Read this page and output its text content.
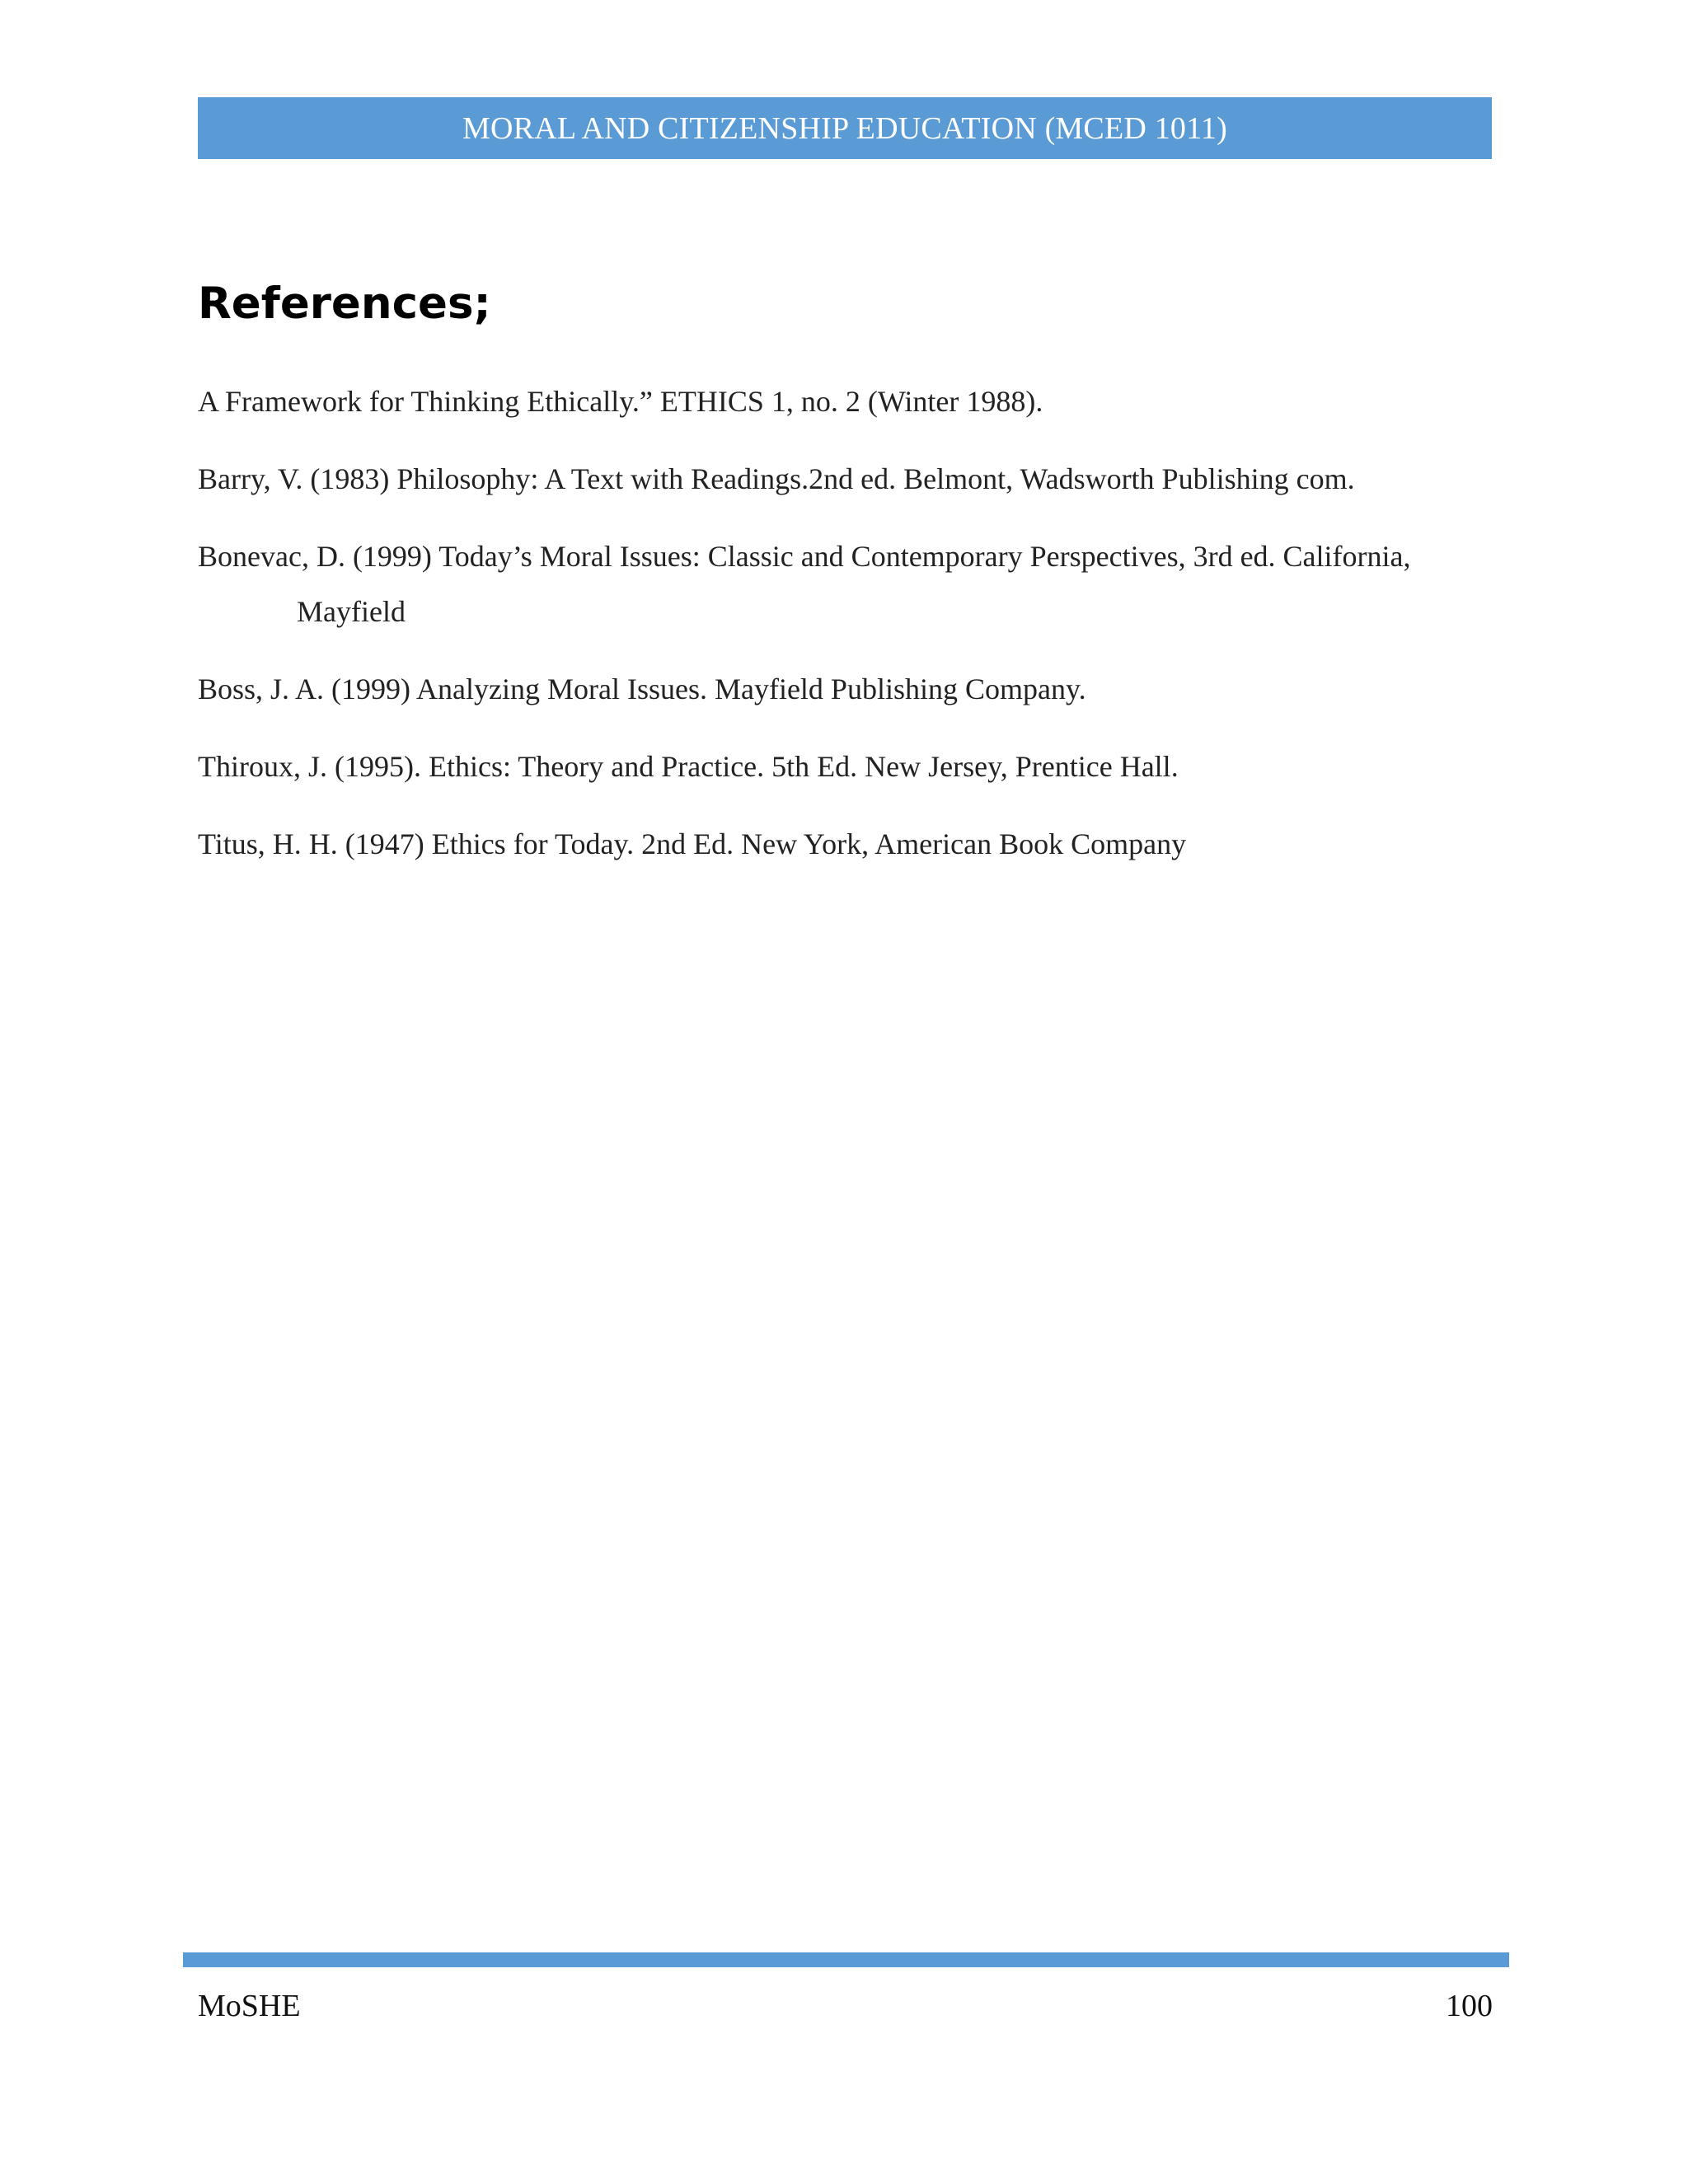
MORAL AND CITIZENSHIP EDUCATION (MCED 1011)
References;
A Framework for Thinking Ethically.” ETHICS 1, no. 2 (Winter 1988).
Barry, V. (1983) Philosophy: A Text with Readings.2nd ed. Belmont, Wadsworth Publishing com.
Bonevac, D. (1999) Today’s Moral Issues: Classic and Contemporary Perspectives, 3rd ed. California, Mayfield
Boss, J. A. (1999) Analyzing Moral Issues. Mayfield Publishing Company.
Thiroux, J. (1995). Ethics: Theory and Practice. 5th Ed. New Jersey, Prentice Hall.
Titus, H. H. (1947) Ethics for Today. 2nd Ed. New York, American Book Company
MoSHE	100
